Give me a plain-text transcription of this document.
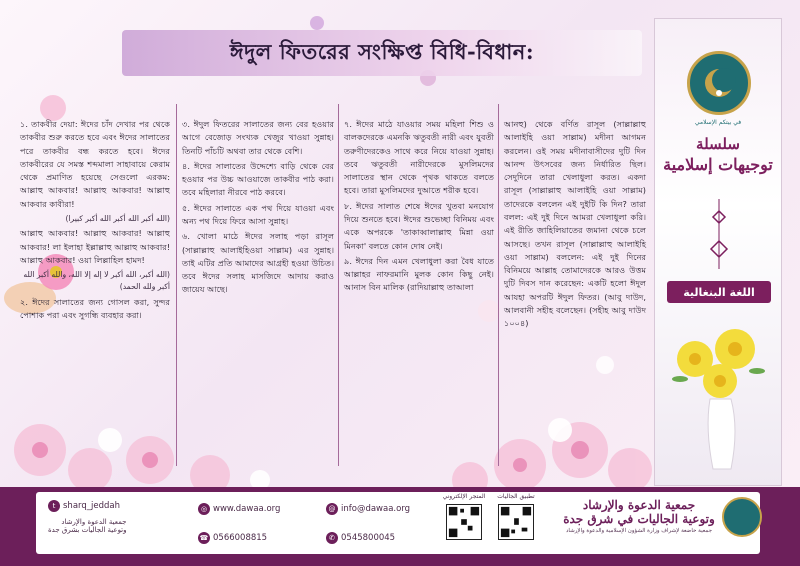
ঈদুল ফিতরের সংক্ষিপ্ত বিধি-বিধান:

১. তাকবীর দেয়া: ঈদের চাঁদ দেখার পর থেকে তাকবীর শুরু করতে হবে এবং ঈদের সালাতের পরে তাকবীর বন্ধ করতে হবে। ঈদের তাকবীরের যে সমস্ত শব্দমালা সাহাবায়ে কেরাম থেকে প্রমাণিত হয়েছে সেগুলো এরকম: আল্লাহু আকবার! আল্লাহু আকবার! আল্লাহু আকবার কাবীরা!

(الله أكبر الله أكبر الله أكبر كبيرا)

আল্লাহু আকবার! আল্লাহু আকবার! আল্লাহু আকবার! লা ইলাহা ইল্লাল্লাহু আল্লাহু আকবার! আল্লাহু আকবার! ওয়া লিল্লাহিল হামদ!

(الله أكبر، الله أكبر لا إله إلا الله، والله أكبر الله أكبر ولله الحمد)

২. ঈদের সালাতের জন্য গোসল করা, সুন্দর পোশাক পরা এবং সুগন্ধি ব্যবহার করা।

৩. ঈদুল ফিতরের সালাতের জন্য বের হওয়ার আগে বেজোড় সংখ্যক খেজুর খাওয়া সুন্নাহ। তিনটি পাঁচটি অথবা তার থেকে বেশি।

৪. ঈদের সালাতের উদ্দেশ্যে বাড়ি থেকে বের হওয়ার পর উচ্চ আওয়াজে তাকবীর পাঠ করা। তবে মহিলারা নীরবে পাঠ করবে।

৫. ঈদের সালাতে এক পথ দিয়ে যাওয়া এবং অন্য পথ দিয়ে ফিরে আসা সুন্নাহ।

৬. খোলা মাঠে ঈদের সলাহ পড়া রাসূল (সাল্লাল্লাহু আলাইহিওয়া সাল্লাম) এর সুন্নাহ। তাই এটির প্রতি আমাদের আগ্রহী হওয়া উচিত। তবে ঈদের সলাহ মাসজিদে আদায় করাও জায়েয আছে।

৭. ঈদের মাঠে যাওয়ার সময় মহিলা শিশু ও বালকদেরকে এমনকি ঋতুবতী নারী এবং যুবতী তরুণীদেরকেও সাথে করে নিয়ে যাওয়া সুন্নাহ। তবে ঋতুবতী নারীদেরকে মুসলিমদের সালাতের স্থান থেকে পৃথক থাকতে বলতে হবে। তারা মুসলিমদের দুআতে শরীক হবে।

৮. ঈদের সালাত শেষে ঈদের খুতবা মনযোগ দিয়ে শুনতে হবে। ঈদের শুভেচ্ছা বিনিময় এবং একে অপরকে 'তাকাব্বালাল্লাহু মিন্না ওয়া মিনকা' বলতে কোন দোষ নেই।

৯. ঈদের দিন এমন খেলাধুলা করা বৈধ যাতে আল্লাহর নাফরমানি মুলক কোন কিছু নেই। আনাস বিন মালিক (রাদিয়াল্লাহু তাআলা

আনহু) থেকে বর্ণিত রাসূল (সাল্লাল্লাহু আলাইহি ওয়া সাল্লাম) মদীনা আগমন করলেন। ওই সময় মদীনাবাসীদের দুটি দিন আনন্দ উৎসবের জন্য নির্ধারিত ছিল। সেদুদিনে তারা খেলাধুলা করত। একদা রাসূল (সাল্লাল্লাহু আলাইহি ওয়া সাল্লাম) তাদেরকে বললেন এই দুইটি কি দিন? তারা বলল: এই দুই দিনে আমরা খেলাধুলা করি। এই রীতি জাহিলিয়াতের জমানা থেকে চলে আসছে। তখন রাসূল (সাল্লাল্লাহু আলাইহি ওয়া সাল্লাম) বললেন: এই দুই দিনের বিনিময়ে আল্লাহ তোমাদেরকে আরও উত্তম দুটি দিবস দান করেছেন: একটি হলো ঈদুল আযহা অপরটি ঈদুল ফিতর। (আবু দাউদ, আলবানী সহীহ বলেছেন। (সহীহ আবু দাউদ ১০০৪)

في بيتكم الإسلامي
سلسلة
توجيهات إسلامية
اللغة البنغالية
t sharq_jeddah
جمعية الدعوة والإرشاد
وتوعية الجاليات بشرق جدة
◎ www.dawaa.org	@ info@dawaa.org
☎ 0566008815	✆ 0545800045
المتجر الإلكتروني	تطبيق الجاليات
جمعية الدعوة والإرشاد
وتوعية الجاليات في شرق جدة
جمعية خاضعة لإشراف وزارة الشؤون الإسلامية والدعوة والإرشاد
